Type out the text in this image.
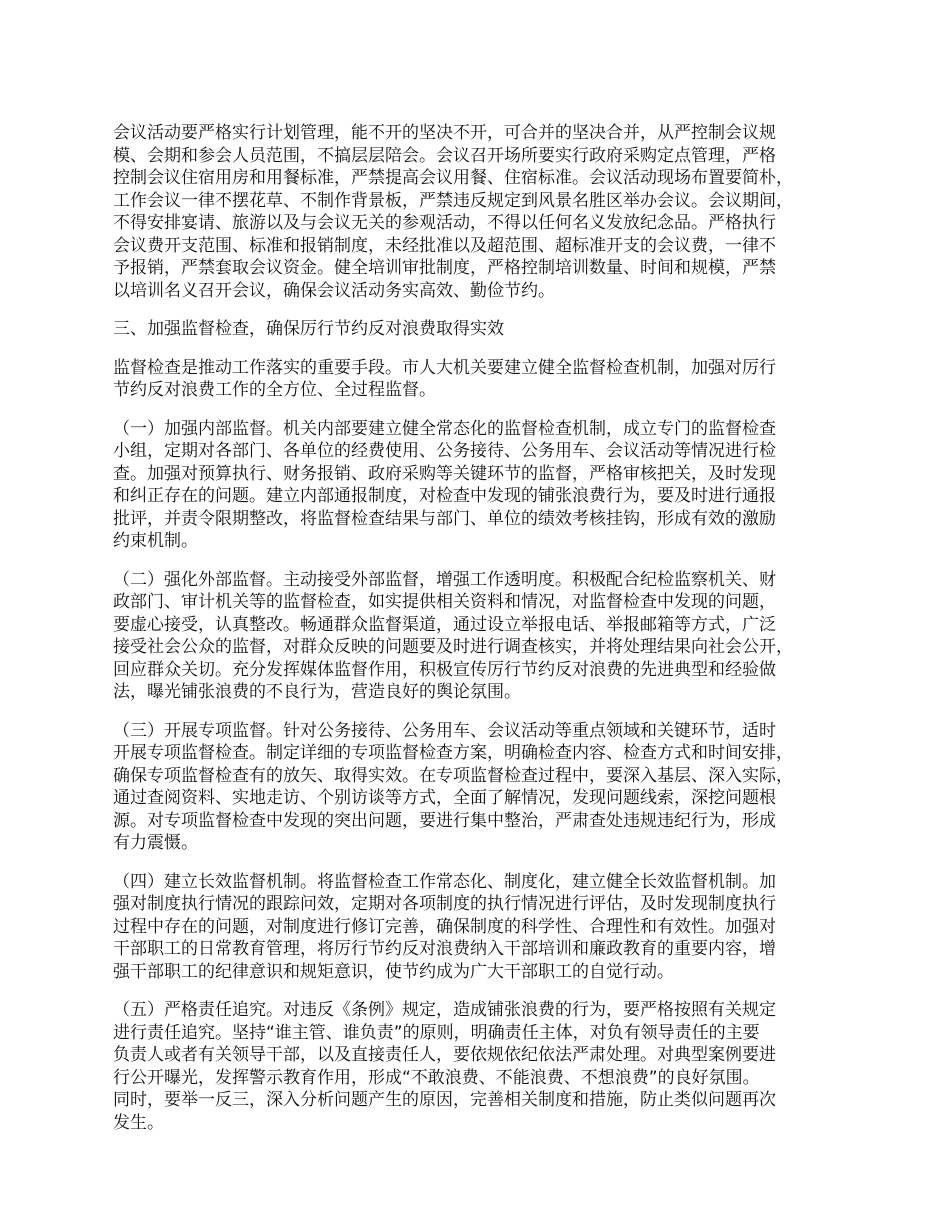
会议活动要严格实行计划管理，能不开的坚决不开，可合并的坚决合并，从严控制会议规
模、会期和参会人员范围，不搞层层陪会。会议召开场所要实行政府采购定点管理，严格
控制会议住宿用房和用餐标准，严禁提高会议用餐、住宿标准。会议活动现场布置要简朴，
工作会议一律不摆花草、不制作背景板，严禁违反规定到风景名胜区举办会议。会议期间，
不得安排宴请、旅游以及与会议无关的参观活动，不得以任何名义发放纪念品。严格执行
会议费开支范围、标准和报销制度，未经批准以及超范围、超标准开支的会议费，一律不
予报销，严禁套取会议资金。健全培训审批制度，严格控制培训数量、时间和规模，严禁
以培训名义召开会议，确保会议活动务实高效、勤俭节约。

三、加强监督检查，确保厉行节约反对浪费取得实效

监督检查是推动工作落实的重要手段。市人大机关要建立健全监督检查机制，加强对厉行
节约反对浪费工作的全方位、全过程监督。

（一）加强内部监督。机关内部要建立健全常态化的监督检查机制，成立专门的监督检查
小组，定期对各部门、各单位的经费使用、公务接待、公务用车、会议活动等情况进行检
查。加强对预算执行、财务报销、政府采购等关键环节的监督，严格审核把关，及时发现
和纠正存在的问题。建立内部通报制度，对检查中发现的铺张浪费行为，要及时进行通报
批评，并责令限期整改，将监督检查结果与部门、单位的绩效考核挂钩，形成有效的激励
约束机制。

（二）强化外部监督。主动接受外部监督，增强工作透明度。积极配合纪检监察机关、财
政部门、审计机关等的监督检查，如实提供相关资料和情况，对监督检查中发现的问题，
要虚心接受，认真整改。畅通群众监督渠道，通过设立举报电话、举报邮箱等方式，广泛
接受社会公众的监督，对群众反映的问题要及时进行调查核实，并将处理结果向社会公开，
回应群众关切。充分发挥媒体监督作用，积极宣传厉行节约反对浪费的先进典型和经验做
法，曝光铺张浪费的不良行为，营造良好的舆论氛围。

（三）开展专项监督。针对公务接待、公务用车、会议活动等重点领域和关键环节，适时
开展专项监督检查。制定详细的专项监督检查方案，明确检查内容、检查方式和时间安排，
确保专项监督检查有的放矢、取得实效。在专项监督检查过程中，要深入基层、深入实际，
通过查阅资料、实地走访、个别访谈等方式，全面了解情况，发现问题线索，深挖问题根
源。对专项监督检查中发现的突出问题，要进行集中整治，严肃查处违规违纪行为，形成
有力震慑。

（四）建立长效监督机制。将监督检查工作常态化、制度化，建立健全长效监督机制。加
强对制度执行情况的跟踪问效，定期对各项制度的执行情况进行评估，及时发现制度执行
过程中存在的问题，对制度进行修订完善，确保制度的科学性、合理性和有效性。加强对
干部职工的日常教育管理，将厉行节约反对浪费纳入干部培训和廉政教育的重要内容，增
强干部职工的纪律意识和规矩意识，使节约成为广大干部职工的自觉行动。

（五）严格责任追究。对违反《条例》规定，造成铺张浪费的行为，要严格按照有关规定
进行责任追究。坚持“谁主管、谁负责”的原则，明确责任主体，对负有领导责任的主要
负责人或者有关领导干部，以及直接责任人，要依规依纪依法严肃处理。对典型案例要进
行公开曝光，发挥警示教育作用，形成“不敢浪费、不能浪费、不想浪费”的良好氛围。
同时，要举一反三，深入分析问题产生的原因，完善相关制度和措施，防止类似问题再次
发生。
